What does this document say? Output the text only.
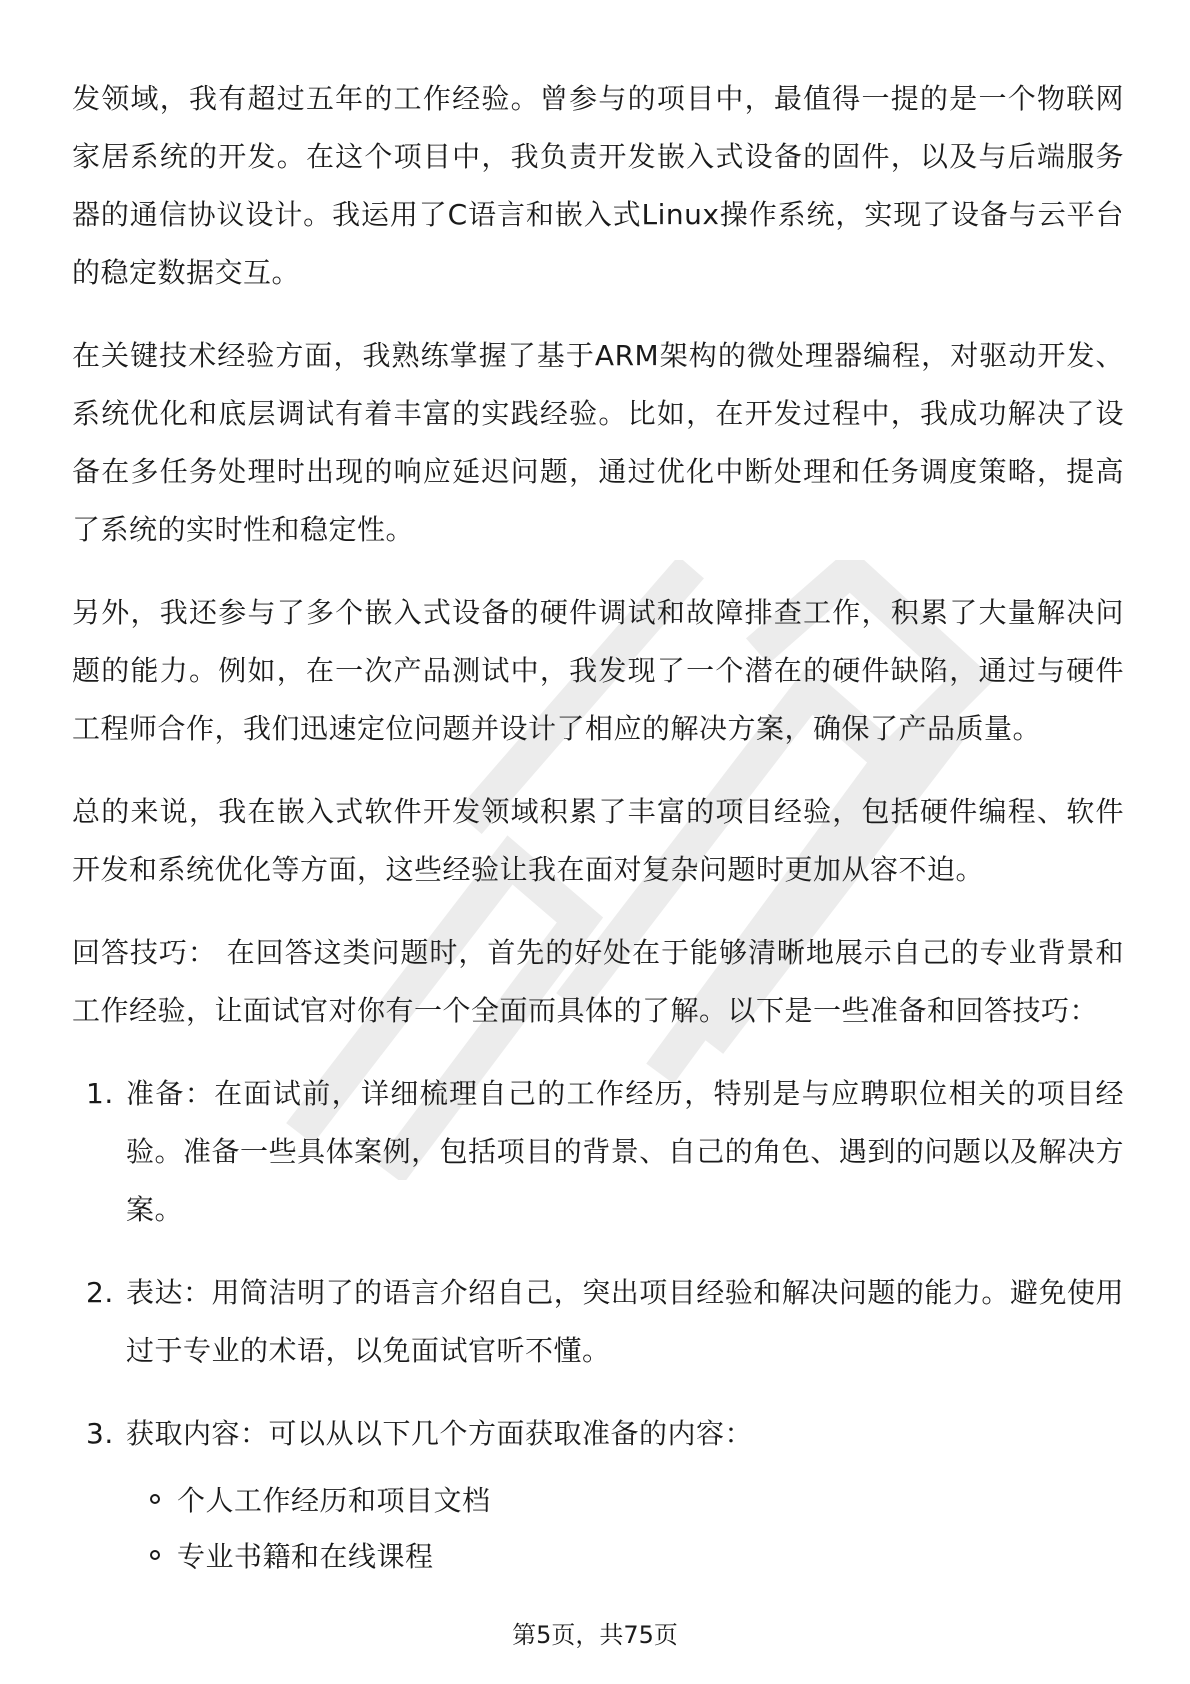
发领域，我有超过五年的工作经验。曾参与的项目中，最值得一提的是一个物联网家居系统的开发。在这个项目中，我负责开发嵌入式设备的固件，以及与后端服务器的通信协议设计。我运用了C语言和嵌入式Linux操作系统，实现了设备与云平台的稳定数据交互。

在关键技术经验方面，我熟练掌握了基于ARM架构的微处理器编程，对驱动开发、系统优化和底层调试有着丰富的实践经验。比如，在开发过程中，我成功解决了设备在多任务处理时出现的响应延迟问题，通过优化中断处理和任务调度策略，提高了系统的实时性和稳定性。

另外，我还参与了多个嵌入式设备的硬件调试和故障排查工作，积累了大量解决问题的能力。例如，在一次产品测试中，我发现了一个潜在的硬件缺陷，通过与硬件工程师合作，我们迅速定位问题并设计了相应的解决方案，确保了产品质量。

总的来说，我在嵌入式软件开发领域积累了丰富的项目经验，包括硬件编程、软件开发和系统优化等方面，这些经验让我在面对复杂问题时更加从容不迫。

回答技巧： 在回答这类问题时，首先的好处在于能够清晰地展示自己的专业背景和工作经验，让面试官对你有一个全面而具体的了解。以下是一些准备和回答技巧：

1. 准备：在面试前，详细梳理自己的工作经历，特别是与应聘职位相关的项目经验。准备一些具体案例，包括项目的背景、自己的角色、遇到的问题以及解决方案。
2. 表达：用简洁明了的语言介绍自己，突出项目经验和解决问题的能力。避免使用过于专业的术语，以免面试官听不懂。
3. 获取内容：可以从以下几个方面获取准备的内容：
个人工作经历和项目文档
专业书籍和在线课程
第5页，共75页
